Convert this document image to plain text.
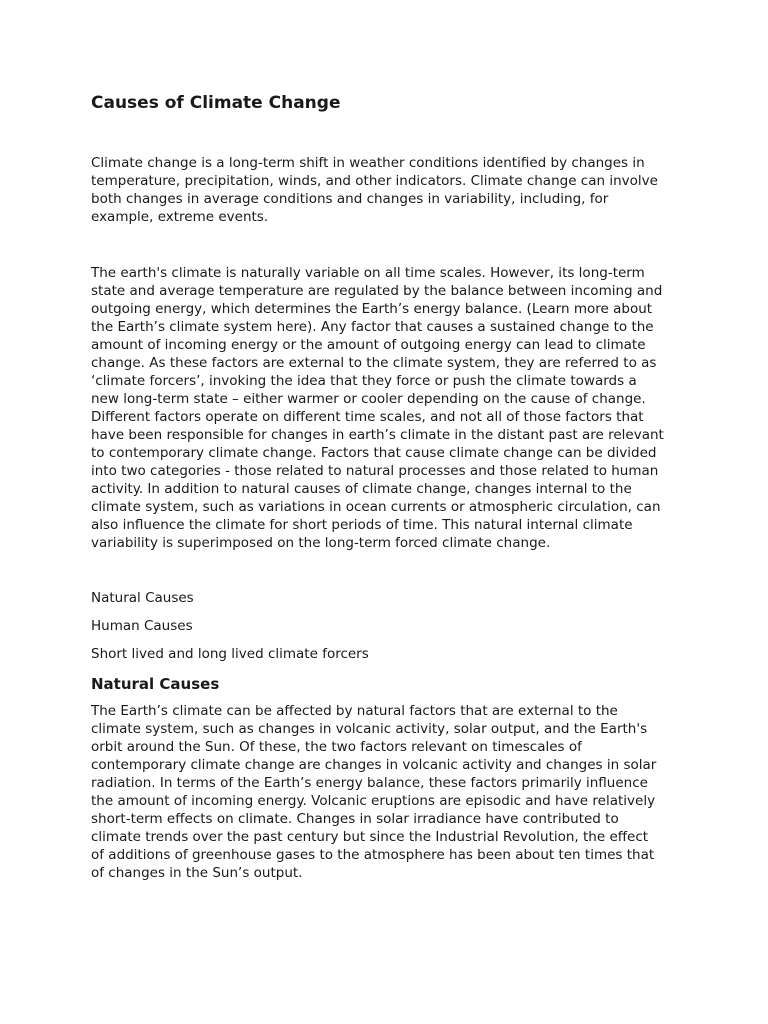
Causes of Climate Change

Climate change is a long-term shift in weather conditions identified by changes in
temperature, precipitation, winds, and other indicators. Climate change can involve
both changes in average conditions and changes in variability, including, for
example, extreme events.

The earth's climate is naturally variable on all time scales. However, its long-term
state and average temperature are regulated by the balance between incoming and
outgoing energy, which determines the Earth’s energy balance. (Learn more about
the Earth’s climate system here). Any factor that causes a sustained change to the
amount of incoming energy or the amount of outgoing energy can lead to climate
change. As these factors are external to the climate system, they are referred to as
‘climate forcers’, invoking the idea that they force or push the climate towards a
new long-term state – either warmer or cooler depending on the cause of change.
Different factors operate on different time scales, and not all of those factors that
have been responsible for changes in earth’s climate in the distant past are relevant
to contemporary climate change. Factors that cause climate change can be divided
into two categories - those related to natural processes and those related to human
activity. In addition to natural causes of climate change, changes internal to the
climate system, such as variations in ocean currents or atmospheric circulation, can
also influence the climate for short periods of time. This natural internal climate
variability is superimposed on the long-term forced climate change.

Natural Causes
Human Causes
Short lived and long lived climate forcers
Natural Causes

The Earth’s climate can be affected by natural factors that are external to the
climate system, such as changes in volcanic activity, solar output, and the Earth's
orbit around the Sun. Of these, the two factors relevant on timescales of
contemporary climate change are changes in volcanic activity and changes in solar
radiation. In terms of the Earth’s energy balance, these factors primarily influence
the amount of incoming energy. Volcanic eruptions are episodic and have relatively
short-term effects on climate. Changes in solar irradiance have contributed to
climate trends over the past century but since the Industrial Revolution, the effect
of additions of greenhouse gases to the atmosphere has been about ten times that
of changes in the Sun’s output.
